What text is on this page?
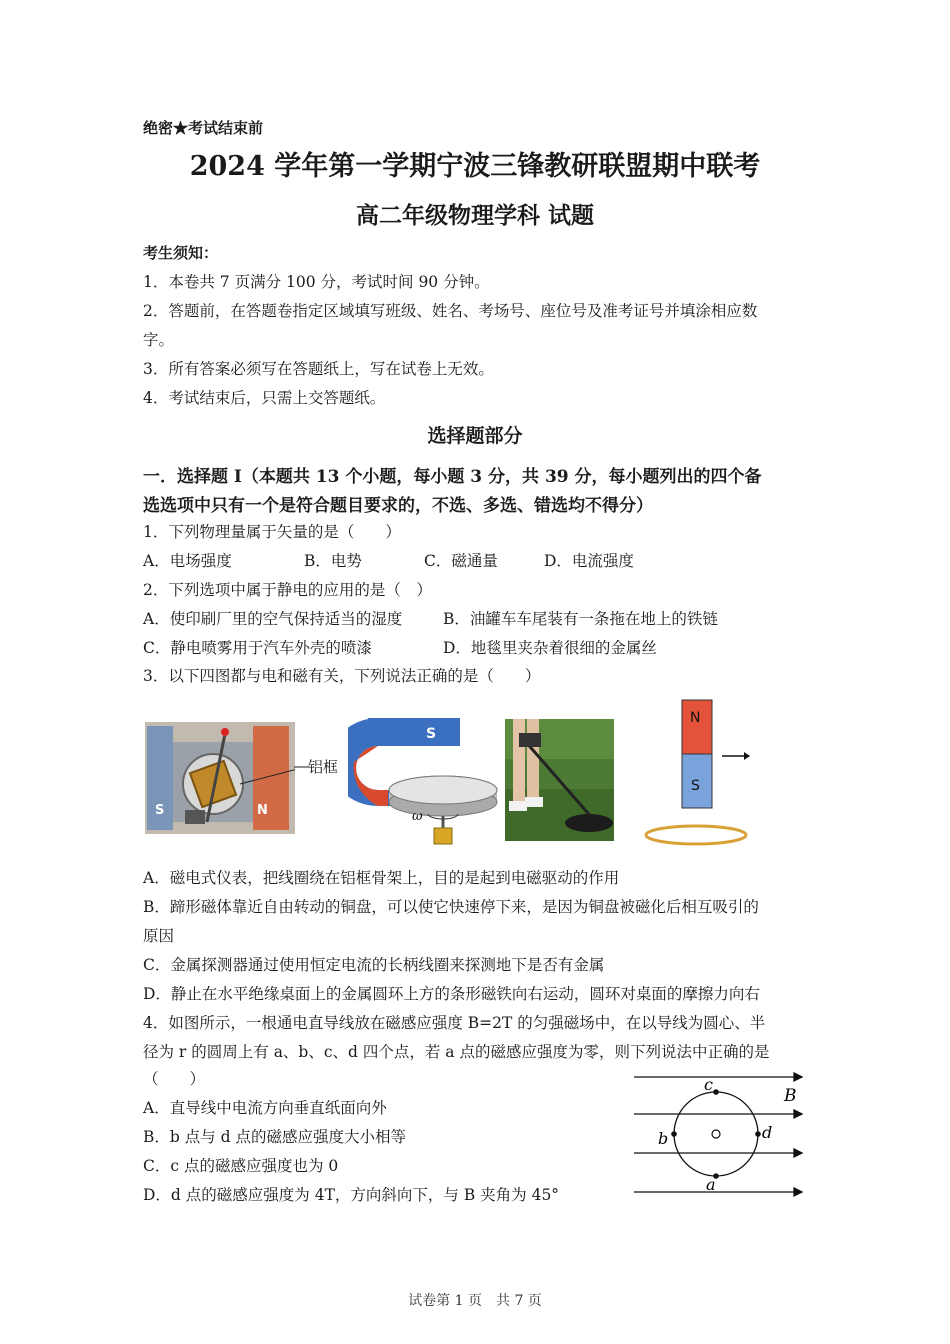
绝密★考试结束前
2024 学年第一学期宁波三锋教研联盟期中联考
高二年级物理学科 试题
考生须知：
1．本卷共 7 页满分 100 分，考试时间 90 分钟。
2．答题前，在答题卷指定区域填写班级、姓名、考场号、座位号及准考证号并填涂相应数
字。
3．所有答案必须写在答题纸上，写在试卷上无效。
4．考试结束后，只需上交答题纸。
选择题部分
一．选择题 I（本题共 13 个小题，每小题 3 分，共 39 分，每小题列出的四个备
选选项中只有一个是符合题目要求的，不选、多选、错选均不得分）
1．下列物理量属于矢量的是（　　）
A．电场强度	B．电势	C．磁通量	D．电流强度
2．下列选项中属于静电的应用的是（　）
A．使印刷厂里的空气保持适当的湿度	B．油罐车车尾装有一条拖在地上的铁链
C．静电喷雾用于汽车外壳的喷漆	D．地毯里夹杂着很细的金属丝
3．以下四图都与电和磁有关，下列说法正确的是（　　）
S	N
铝框
S
ω
N
S
A．磁电式仪表，把线圈绕在铝框骨架上，目的是起到电磁驱动的作用
B．蹄形磁体靠近自由转动的铜盘，可以使它快速停下来，是因为铜盘被磁化后相互吸引的
原因
C．金属探测器通过使用恒定电流的长柄线圈来探测地下是否有金属
D．静止在水平绝缘桌面上的金属圆环上方的条形磁铁向右运动，圆环对桌面的摩擦力向右
4．如图所示，一根通电直导线放在磁感应强度 B=2T 的匀强磁场中，在以导线为圆心、半
径为 r 的圆周上有 a、b、c、d 四个点，若 a 点的磁感应强度为零，则下列说法中正确的是
（　　）
A．直导线中电流方向垂直纸面向外
B．b 点与 d 点的磁感应强度大小相等
C．c 点的磁感应强度也为 0
D．d 点的磁感应强度为 4T，方向斜向下，与 B 夹角为 45°
c
a
b	d
B
试卷第 1 页　共 7 页
